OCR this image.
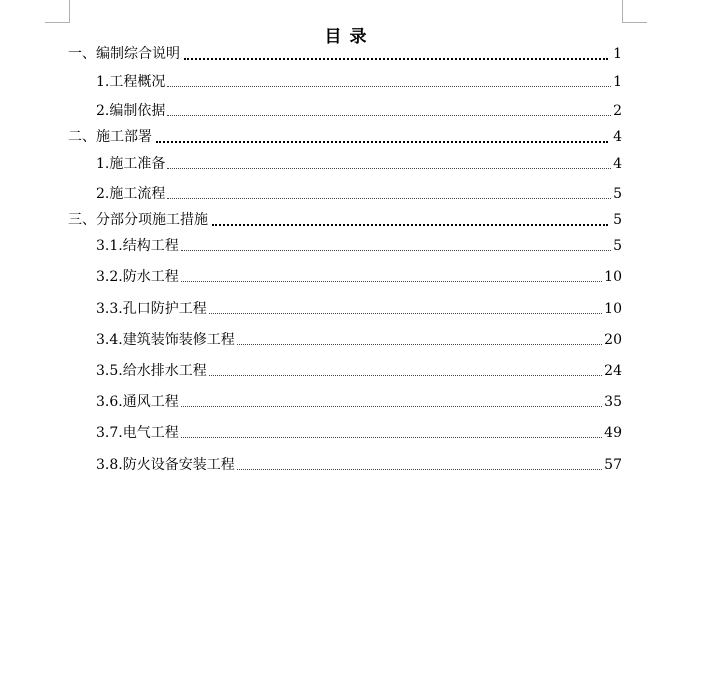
目 录
一、编制综合说明	1
1.工程概况	1
2.编制依据	2
二、施工部署	4
1.施工准备	4
2.施工流程	5
三、分部分项施工措施	5
3.1.结构工程	5
3.2.防水工程	10
3.3.孔口防护工程	10
3.4.建筑装饰装修工程	20
3.5.给水排水工程	24
3.6.通风工程	35
3.7.电气工程	49
3.8.防火设备安装工程	57
